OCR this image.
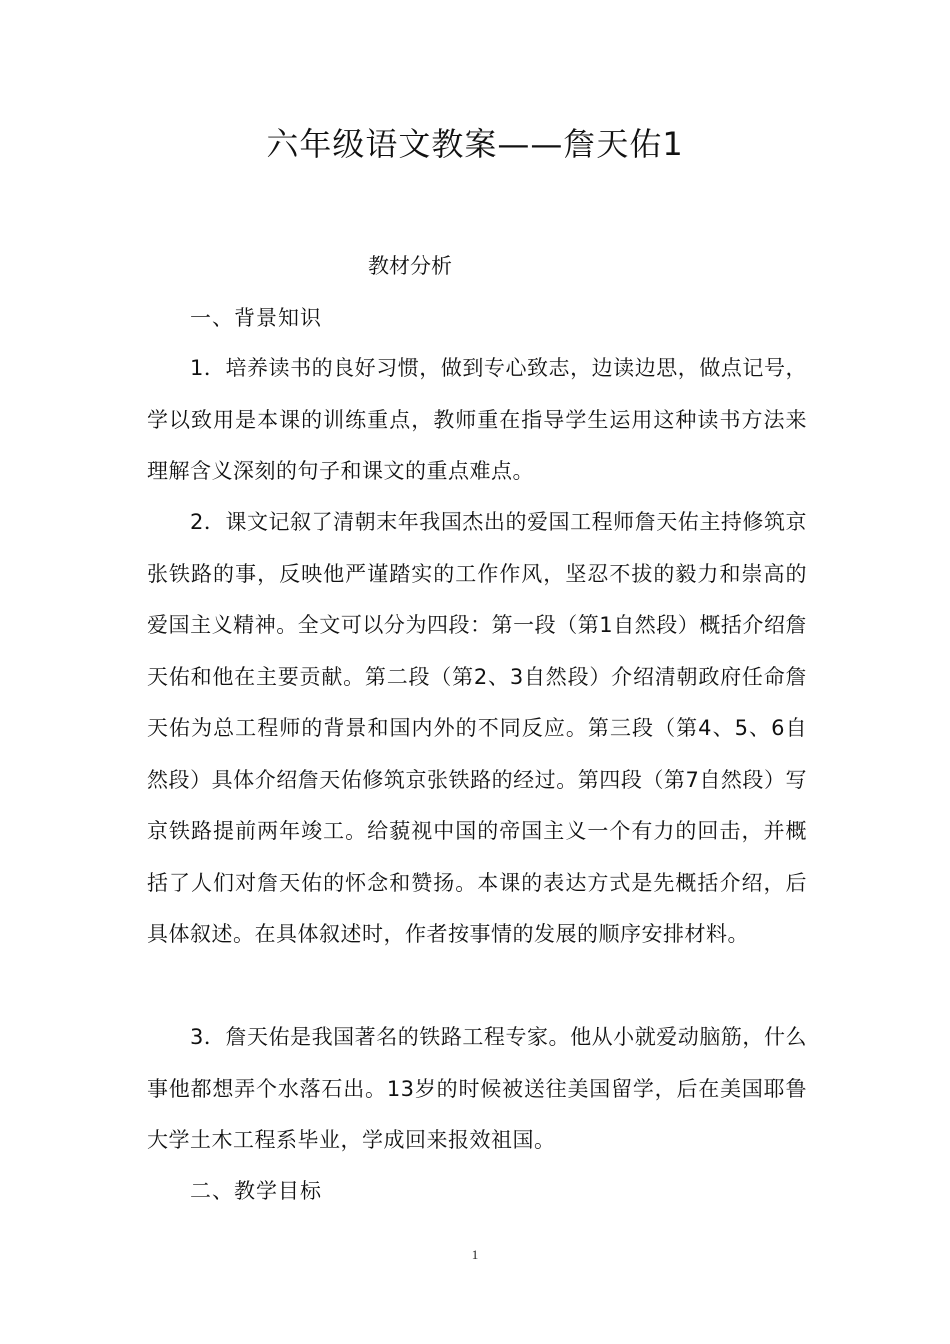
六年级语文教案——詹天佑1
教材分析
一、背景知识

1．培养读书的良好习惯，做到专心致志，边读边思，做点记号，学以致用是本课的训练重点，教师重在指导学生运用这种读书方法来理解含义深刻的句子和课文的重点难点。

2．课文记叙了清朝末年我国杰出的爱国工程师詹天佑主持修筑京张铁路的事，反映他严谨踏实的工作作风，坚忍不拔的毅力和崇高的爱国主义精神。全文可以分为四段：第一段（第1自然段）概括介绍詹天佑和他在主要贡献。第二段（第2、3自然段）介绍清朝政府任命詹天佑为总工程师的背景和国内外的不同反应。第三段（第4、5、6自然段）具体介绍詹天佑修筑京张铁路的经过。第四段（第7自然段）写京铁路提前两年竣工。给藐视中国的帝国主义一个有力的回击，并概括了人们对詹天佑的怀念和赞扬。本课的表达方式是先概括介绍，后具体叙述。在具体叙述时，作者按事情的发展的顺序安排材料。

3．詹天佑是我国著名的铁路工程专家。他从小就爱动脑筋，什么事他都想弄个水落石出。13岁的时候被送往美国留学，后在美国耶鲁大学土木工程系毕业，学成回来报效祖国。

二、教学目标
1
